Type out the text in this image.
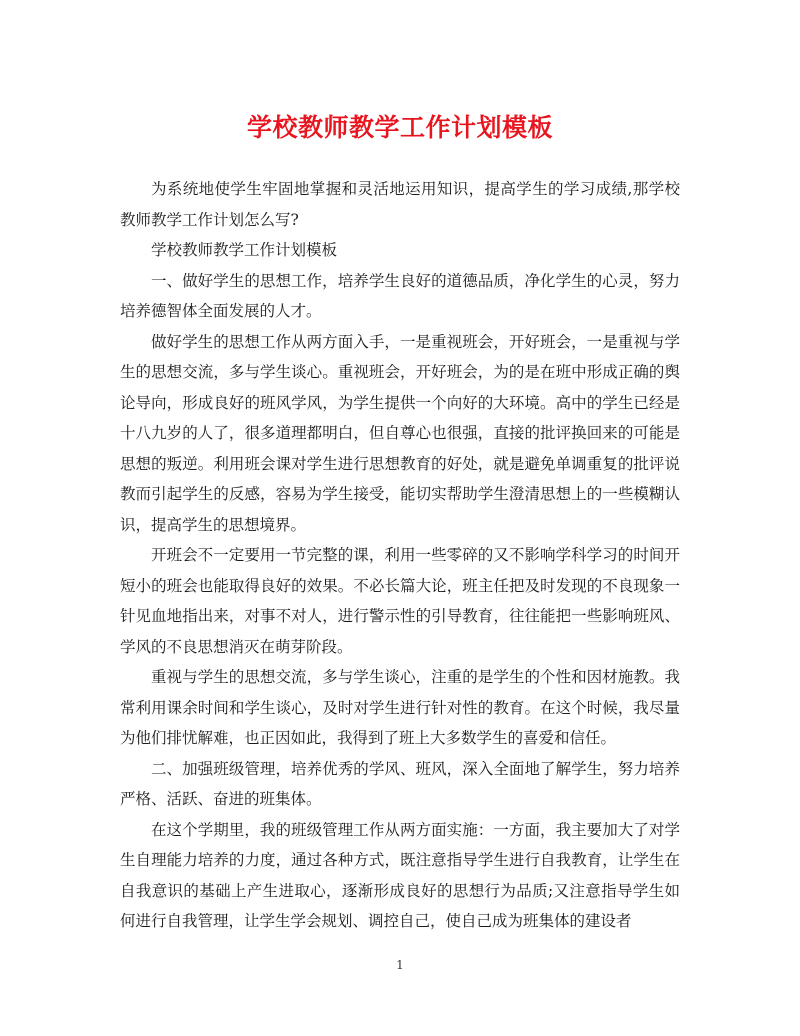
学校教师教学工作计划模板

为系统地使学生牢固地掌握和灵活地运用知识，提高学生的学习成绩,那学校教师教学工作计划怎么写?

学校教师教学工作计划模板

一、做好学生的思想工作，培养学生良好的道德品质，净化学生的心灵，努力培养德智体全面发展的人才。

做好学生的思想工作从两方面入手，一是重视班会，开好班会，一是重视与学生的思想交流，多与学生谈心。重视班会，开好班会，为的是在班中形成正确的舆论导向，形成良好的班风学风，为学生提供一个向好的大环境。高中的学生已经是十八九岁的人了，很多道理都明白，但自尊心也很强，直接的批评换回来的可能是思想的叛逆。利用班会课对学生进行思想教育的好处，就是避免单调重复的批评说教而引起学生的反感，容易为学生接受，能切实帮助学生澄清思想上的一些模糊认识，提高学生的思想境界。

开班会不一定要用一节完整的课，利用一些零碎的又不影响学科学习的时间开短小的班会也能取得良好的效果。不必长篇大论，班主任把及时发现的不良现象一针见血地指出来，对事不对人，进行警示性的引导教育，往往能把一些影响班风、学风的不良思想消灭在萌芽阶段。

重视与学生的思想交流，多与学生谈心，注重的是学生的个性和因材施教。我常利用课余时间和学生谈心，及时对学生进行针对性的教育。在这个时候，我尽量为他们排忧解难，也正因如此，我得到了班上大多数学生的喜爱和信任。

二、加强班级管理，培养优秀的学风、班风，深入全面地了解学生，努力培养严格、活跃、奋进的班集体。

在这个学期里，我的班级管理工作从两方面实施：一方面，我主要加大了对学生自理能力培养的力度，通过各种方式，既注意指导学生进行自我教育，让学生在自我意识的基础上产生进取心，逐渐形成良好的思想行为品质;又注意指导学生如何进行自我管理，让学生学会规划、调控自己，使自己成为班集体的建设者

1
